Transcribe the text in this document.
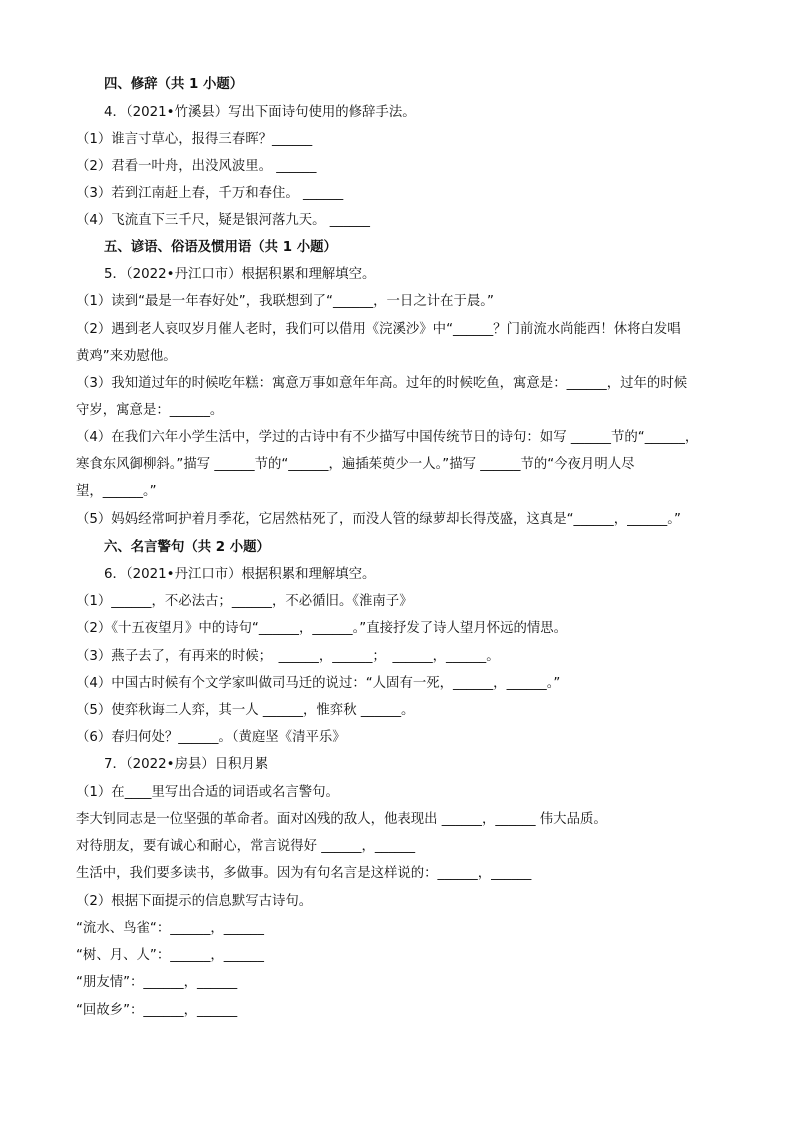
四、修辞（共 1 小题）
4．（2021•竹溪县）写出下面诗句使用的修辞手法。
（1）谁言寸草心，报得三春晖？______
（2）君看一叶舟，出没风波里。 ______
（3）若到江南赶上春，千万和春住。 ______
（4）飞流直下三千尺，疑是银河落九天。 ______
五、谚语、俗语及惯用语（共 1 小题）
5．（2022•丹江口市）根据积累和理解填空。
（1）读到“最是一年春好处”，我联想到了“______，一日之计在于晨。”
（2）遇到老人哀叹岁月催人老时，我们可以借用《浣溪沙》中“______？门前流水尚能西！休将白发唱
黄鸡”来劝慰他。
（3）我知道过年的时候吃年糕：寓意万事如意年年高。过年的时候吃鱼，寓意是：______，过年的时候
守岁，寓意是：______。
（4）在我们六年小学生活中，学过的古诗中有不少描写中国传统节日的诗句：如写 ______节的“______，
寒食东风御柳斜。”描写 ______节的“______，遍插茱萸少一人。”描写 ______节的“今夜月明人尽
望，______。”
（5）妈妈经常呵护着月季花，它居然枯死了，而没人管的绿萝却长得茂盛，这真是“______，______。”
六、名言警句（共 2 小题）
6．（2021•丹江口市）根据积累和理解填空。
（1）______，不必法古；______，不必循旧。《淮南子》
（2）《十五夜望月》中的诗句“______，______。”直接抒发了诗人望月怀远的情思。
（3）燕子去了，有再来的时候；　______，______；　______，______。
（4）中国古时候有个文学家叫做司马迁的说过：“人固有一死，______，______。”
（5）使弈秋诲二人弈，其一人 ______，惟弈秋 ______。
（6）春归何处？______。（黄庭坚《清平乐》
7．（2022•房县）日积月累
（1）在____里写出合适的词语或名言警句。
李大钊同志是一位坚强的革命者。面对凶残的敌人，他表现出 ______，______ 伟大品质。
对待朋友，要有诚心和耐心，常言说得好 ______，______
生活中，我们要多读书，多做事。因为有句名言是这样说的：______，______
（2）根据下面提示的信息默写古诗句。
“流水、鸟雀“：______，______
“树、月、人”：______，______
“朋友情”：______，______
“回故乡”：______，______
